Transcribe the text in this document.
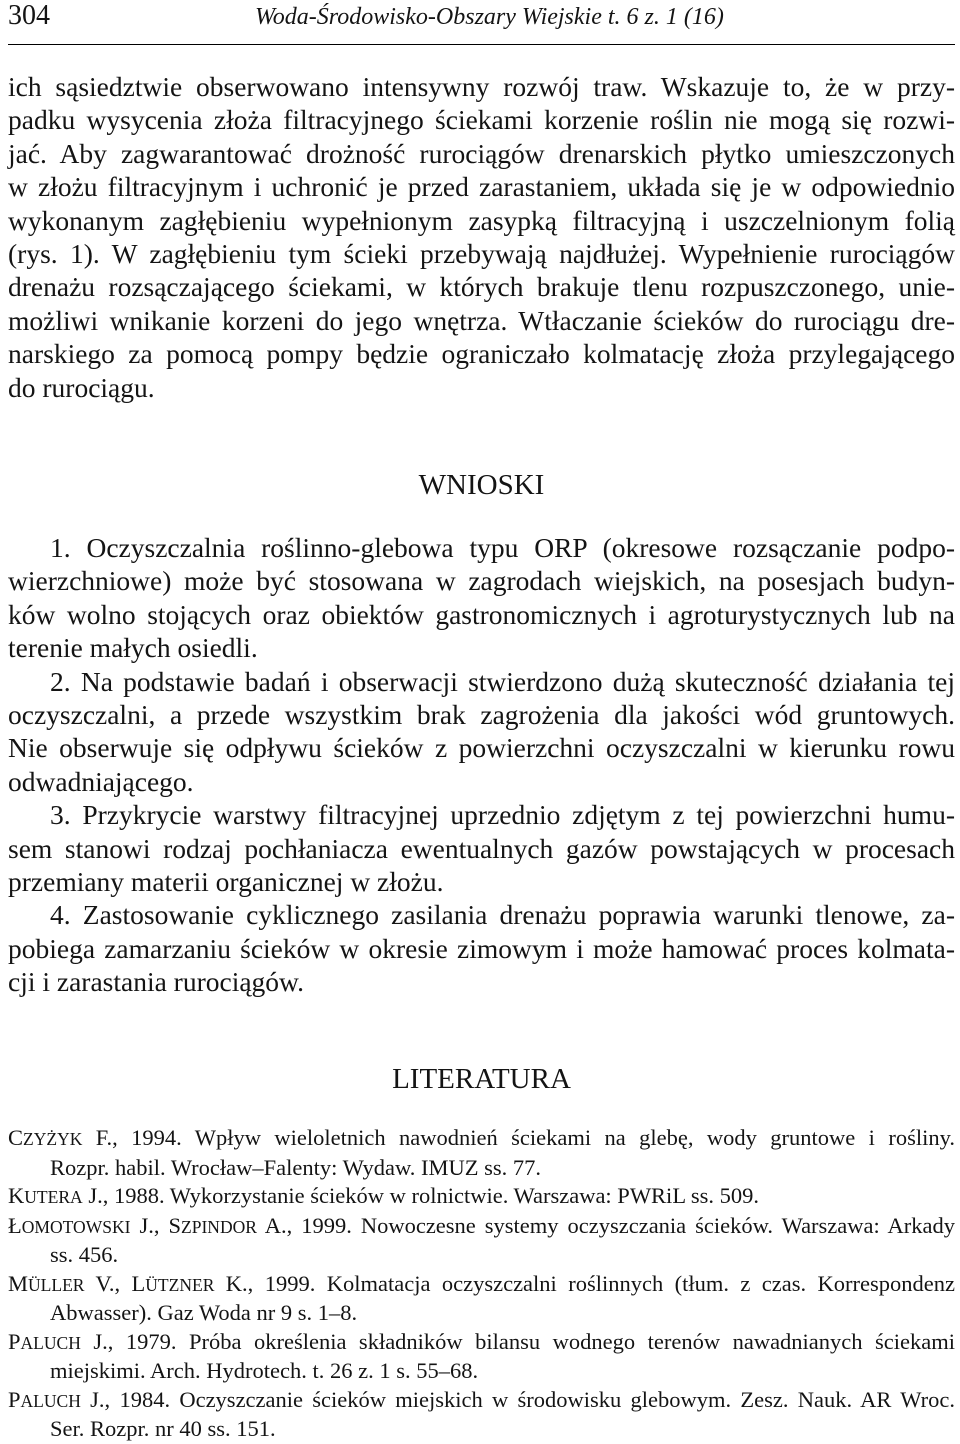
304	Woda-Środowisko-Obszary Wiejskie t. 6 z. 1 (16)
ich sąsiedztwie obserwowano intensywny rozwój traw. Wskazuje to, że w przy-
padku wysycenia złoża filtracyjnego ściekami korzenie roślin nie mogą się rozwi-
jać. Aby zagwarantować drożność rurociągów drenarskich płytko umieszczonych
w złożu filtracyjnym i uchronić je przed zarastaniem, układa się je w odpowiednio
wykonanym zagłębieniu wypełnionym zasypką filtracyjną i uszczelnionym folią
(rys. 1). W zagłębieniu tym ścieki przebywają najdłużej. Wypełnienie rurociągów
drenażu rozsączającego ściekami, w których brakuje tlenu rozpuszczonego, unie-
możliwi wnikanie korzeni do jego wnętrza. Wtłaczanie ścieków do rurociągu dre-
narskiego za pomocą pompy będzie ograniczało kolmatację złoża przylegającego
do rurociągu.
WNIOSKI
1. Oczyszczalnia roślinno-glebowa typu ORP (okresowe rozsączanie podpo-
wierzchniowe) może być stosowana w zagrodach wiejskich, na posesjach budyn-
ków wolno stojących oraz obiektów gastronomicznych i agroturystycznych lub na
terenie małych osiedli.
2. Na podstawie badań i obserwacji stwierdzono dużą skuteczność działania tej
oczyszczalni, a przede wszystkim brak zagrożenia dla jakości wód gruntowych.
Nie obserwuje się odpływu ścieków z powierzchni oczyszczalni w kierunku rowu
odwadniającego.
3. Przykrycie warstwy filtracyjnej uprzednio zdjętym z tej powierzchni humu-
sem stanowi rodzaj pochłaniacza ewentualnych gazów powstających w procesach
przemiany materii organicznej w złożu.
4. Zastosowanie cyklicznego zasilania drenażu poprawia warunki tlenowe, za-
pobiega zamarzaniu ścieków w okresie zimowym i może hamować proces kolmata-
cji i zarastania rurociągów.
LITERATURA
CZYŻYK F., 1994. Wpływ wieloletnich nawodnień ściekami na glebę, wody gruntowe i rośliny.
Rozpr. habil. Wrocław–Falenty: Wydaw. IMUZ ss. 77.
KUTERA J., 1988. Wykorzystanie ścieków w rolnictwie. Warszawa: PWRiL ss. 509.
ŁOMOTOWSKI J., SZPINDOR A., 1999. Nowoczesne systemy oczyszczania ścieków. Warszawa: Arkady
ss. 456.
MÜLLER V., LÜTZNER K., 1999. Kolmatacja oczyszczalni roślinnych (tłum. z czas. Korrespondenz
Abwasser). Gaz Woda nr 9 s. 1–8.
PALUCH J., 1979. Próba określenia składników bilansu wodnego terenów nawadnianych ściekami
miejskimi. Arch. Hydrotech. t. 26 z. 1 s. 55–68.
PALUCH J., 1984. Oczyszczanie ścieków miejskich w środowisku glebowym. Zesz. Nauk. AR Wroc.
Ser. Rozpr. nr 40 ss. 151.
